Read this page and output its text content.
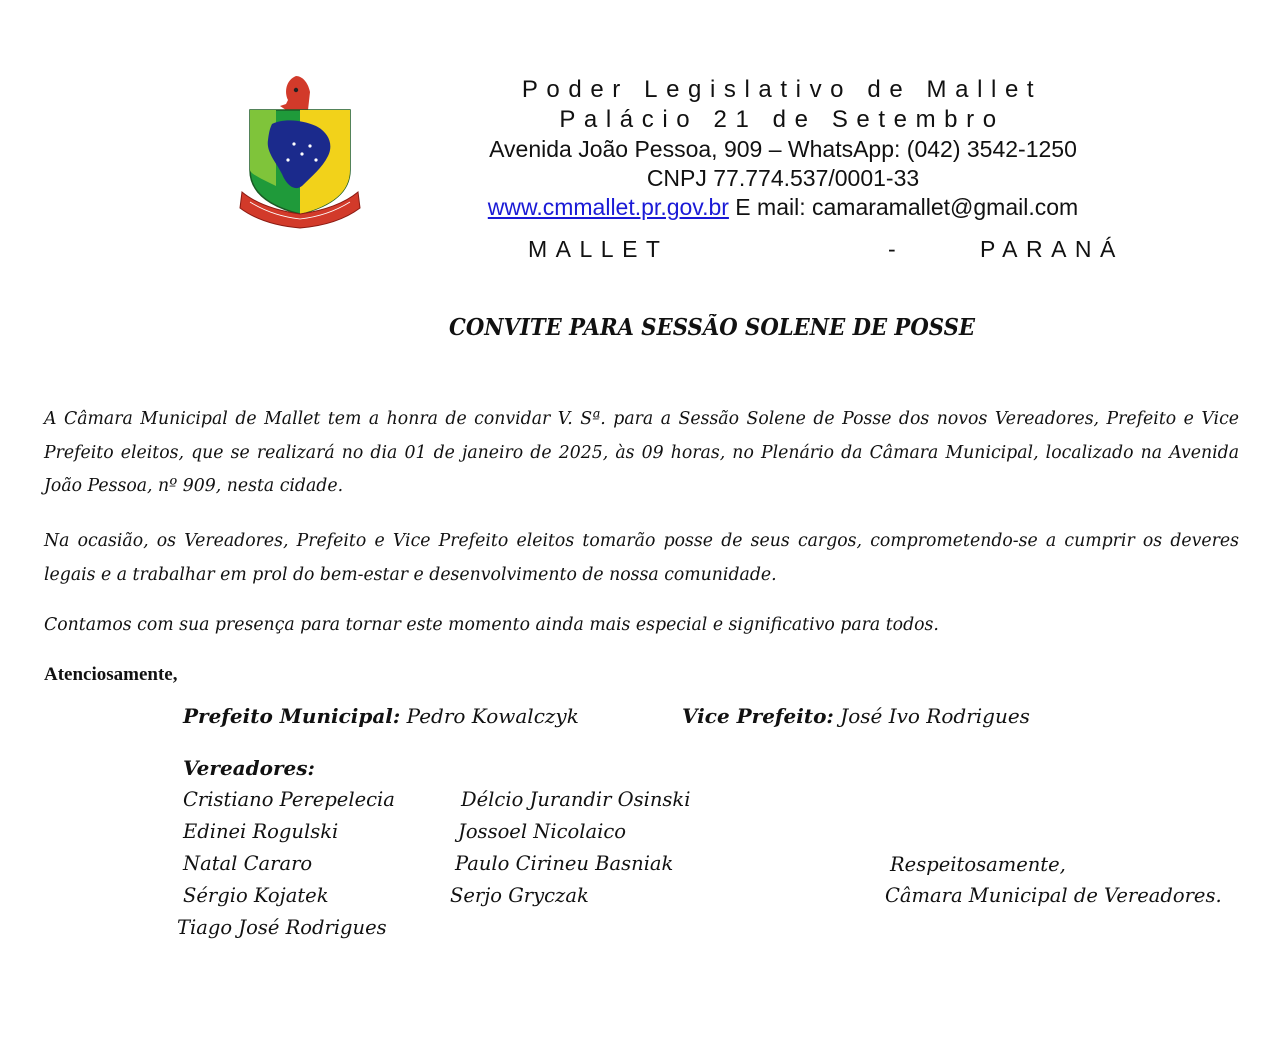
Poder Legislativo de Mallet
Palácio 21 de Setembro
Avenida João Pessoa, 909 – WhatsApp: (042) 3542-1250
CNPJ 77.774.537/0001-33
www.cmmallet.pr.gov.br E mail: camaramallet@gmail.com
MALLET	-	PARANÁ
CONVITE PARA SESSÃO SOLENE DE POSSE
A Câmara Municipal de Mallet tem a honra de convidar V. Sª. para a Sessão Solene de Posse dos novos Vereadores, Prefeito e Vice Prefeito eleitos, que se realizará no dia 01 de janeiro de 2025, às 09 horas, no Plenário da Câmara Municipal, localizado na Avenida João Pessoa, nº 909, nesta cidade.
Na ocasião, os Vereadores, Prefeito e Vice Prefeito eleitos tomarão posse de seus cargos, comprometendo-se a cumprir os deveres legais e a trabalhar em prol do bem-estar e desenvolvimento de nossa comunidade.
Contamos com sua presença para tornar este momento ainda mais especial e significativo para todos.
Atenciosamente,
Prefeito Municipal: Pedro Kowalczyk	Vice Prefeito: José Ivo Rodrigues
Vereadores:
Cristiano Perepelecia
Edinei Rogulski
Natal Cararo
Sérgio Kojatek
Tiago José Rodrigues
Délcio Jurandir Osinski
Jossoel Nicolaico
Paulo Cirineu Basniak
Serjo Gryczak
Respeitosamente,
Câmara Municipal de Vereadores.
